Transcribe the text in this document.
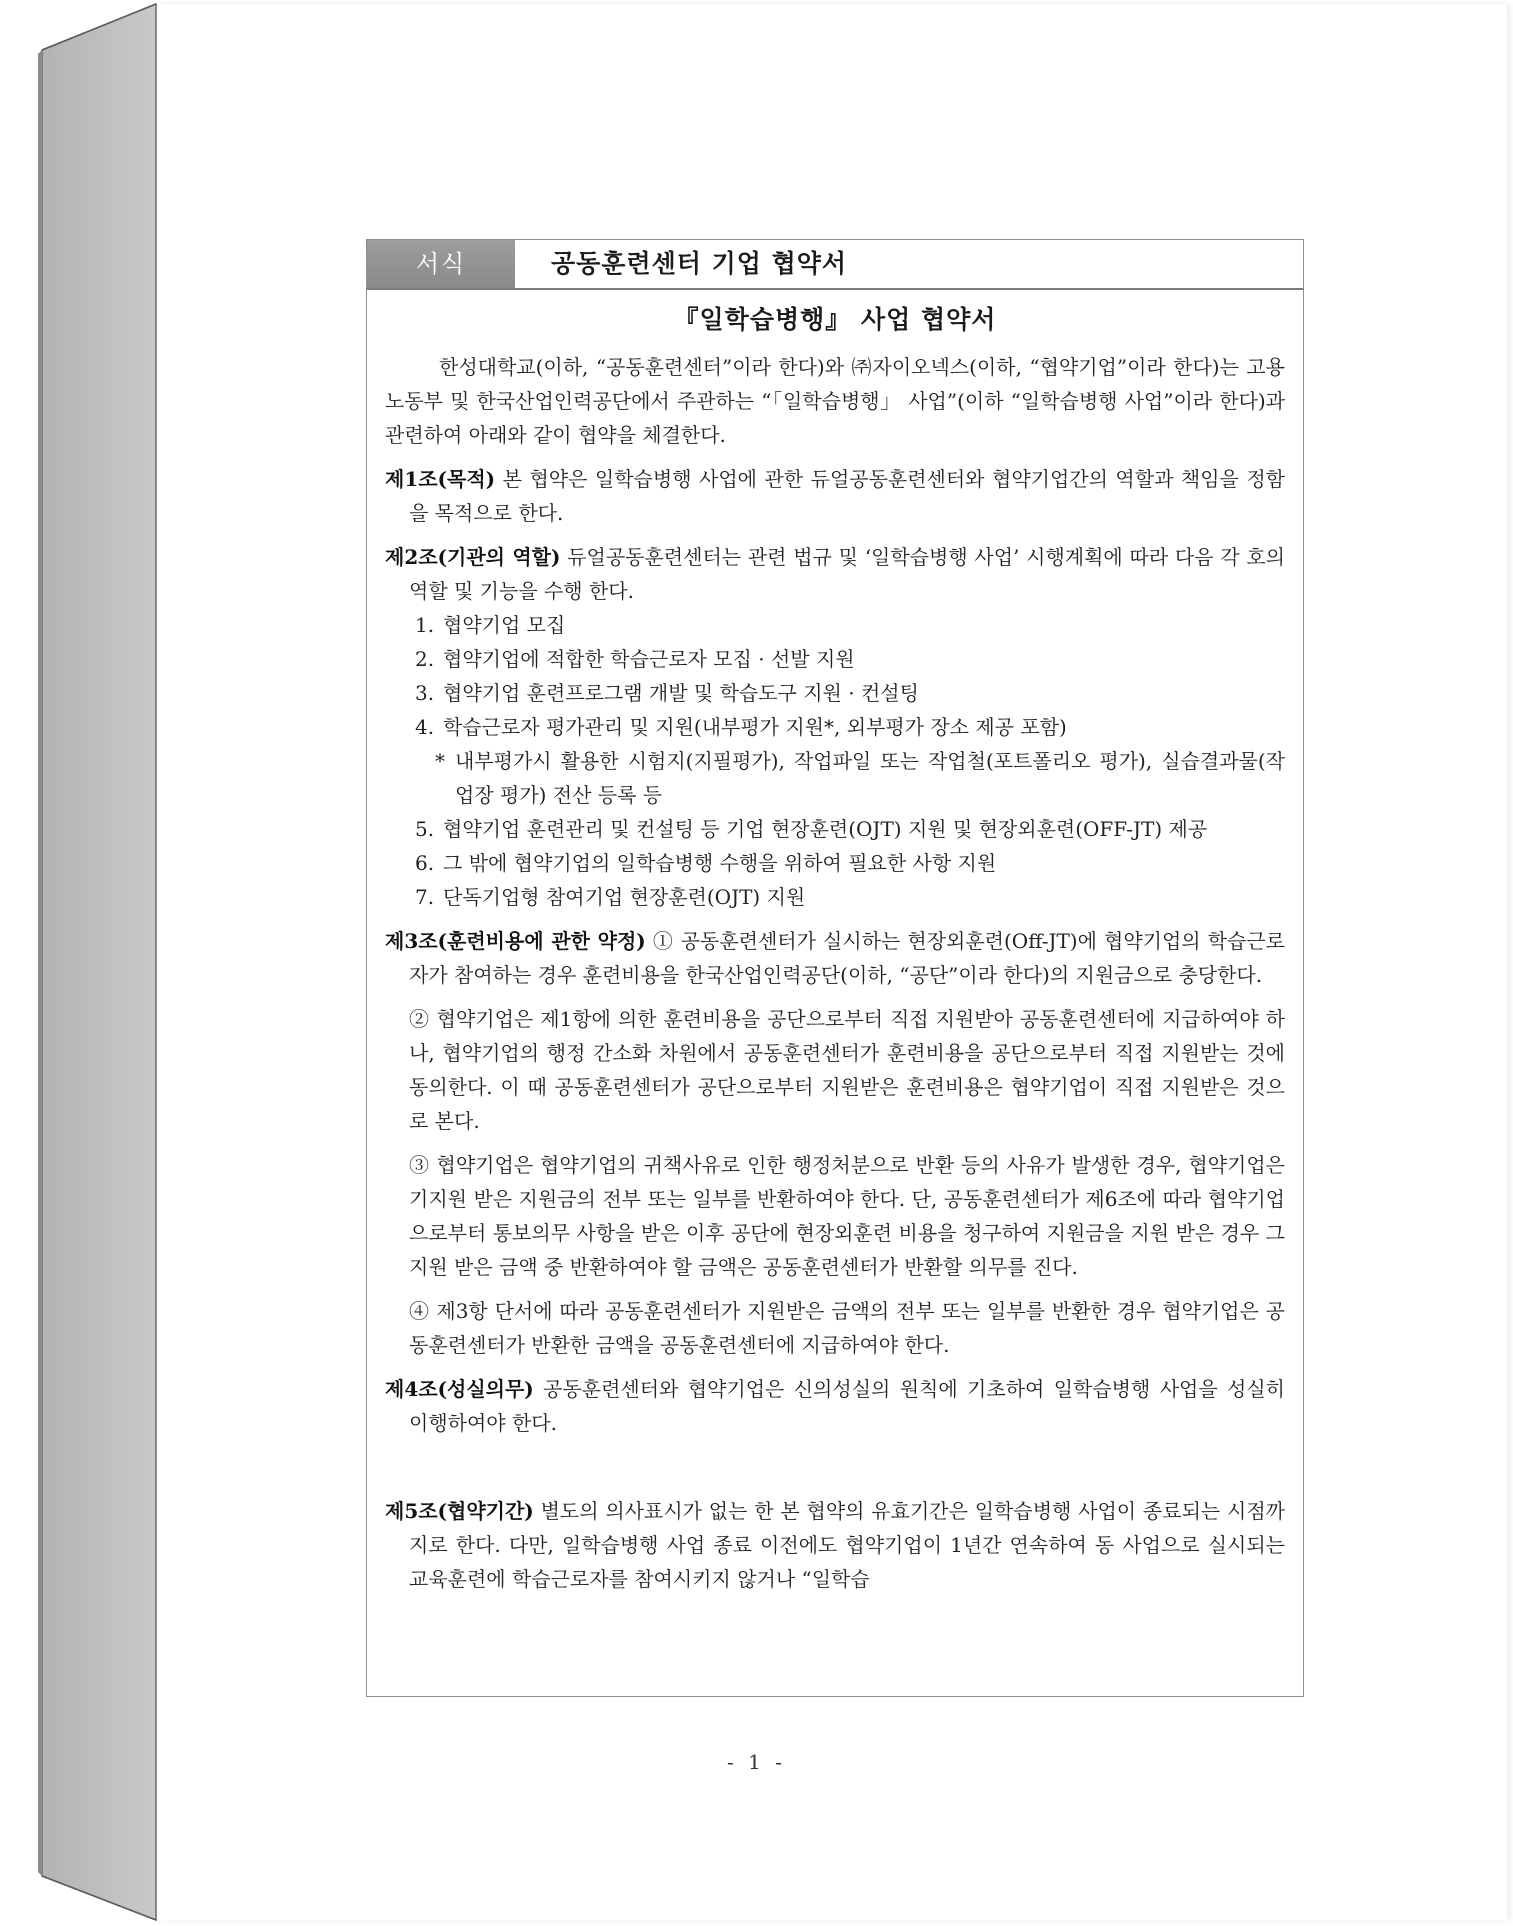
서식	공동훈련센터 기업 협약서
『일학습병행』 사업 협약서

한성대학교(이하, “공동훈련센터”이라 한다)와 ㈜자이오넥스(이하, “협약기업”이라 한다)는 고용노동부 및 한국산업인력공단에서 주관하는 “「일학습병행」 사업”(이하 “일학습병행 사업”이라 한다)과 관련하여 아래와 같이 협약을 체결한다.

제1조(목적) 본 협약은 일학습병행 사업에 관한 듀얼공동훈련센터와 협약기업간의 역할과 책임을 정함을 목적으로 한다.

제2조(기관의 역할) 듀얼공동훈련센터는 관련 법규 및 ‘일학습병행 사업’ 시행계획에 따라 다음 각 호의 역할 및 기능을 수행 한다.

1. 협약기업 모집
2. 협약기업에 적합한 학습근로자 모집 · 선발 지원
3. 협약기업 훈련프로그램 개발 및 학습도구 지원 · 컨설팅
4. 학습근로자 평가관리 및 지원(내부평가 지원*, 외부평가 장소 제공 포함)
* 내부평가시 활용한 시험지(지필평가), 작업파일 또는 작업철(포트폴리오 평가), 실습결과물(작업장 평가) 전산 등록 등
5. 협약기업 훈련관리 및 컨설팅 등 기업 현장훈련(OJT) 지원 및 현장외훈련(OFF-JT) 제공
6. 그 밖에 협약기업의 일학습병행 수행을 위하여 필요한 사항 지원
7. 단독기업형 참여기업 현장훈련(OJT) 지원

제3조(훈련비용에 관한 약정) ① 공동훈련센터가 실시하는 현장외훈련(Off-JT)에 협약기업의 학습근로자가 참여하는 경우 훈련비용을 한국산업인력공단(이하, “공단”이라 한다)의 지원금으로 충당한다.

② 협약기업은 제1항에 의한 훈련비용을 공단으로부터 직접 지원받아 공동훈련센터에 지급하여야 하나, 협약기업의 행정 간소화 차원에서 공동훈련센터가 훈련비용을 공단으로부터 직접 지원받는 것에 동의한다. 이 때 공동훈련센터가 공단으로부터 지원받은 훈련비용은 협약기업이 직접 지원받은 것으로 본다.

③ 협약기업은 협약기업의 귀책사유로 인한 행정처분으로 반환 등의 사유가 발생한 경우, 협약기업은 기지원 받은 지원금의 전부 또는 일부를 반환하여야 한다. 단, 공동훈련센터가 제6조에 따라 협약기업으로부터 통보의무 사항을 받은 이후 공단에 현장외훈련 비용을 청구하여 지원금을 지원 받은 경우 그 지원 받은 금액 중 반환하여야 할 금액은 공동훈련센터가 반환할 의무를 진다.

④ 제3항 단서에 따라 공동훈련센터가 지원받은 금액의 전부 또는 일부를 반환한 경우 협약기업은 공동훈련센터가 반환한 금액을 공동훈련센터에 지급하여야 한다.

제4조(성실의무) 공동훈련센터와 협약기업은 신의성실의 원칙에 기초하여 일학습병행 사업을 성실히 이행하여야 한다.

제5조(협약기간) 별도의 의사표시가 없는 한 본 협약의 유효기간은 일학습병행 사업이 종료되는 시점까지로 한다. 다만, 일학습병행 사업 종료 이전에도 협약기업이 1년간 연속하여 동 사업으로 실시되는 교육훈련에 학습근로자를 참여시키지 않거나 “일학습

- 1 -
